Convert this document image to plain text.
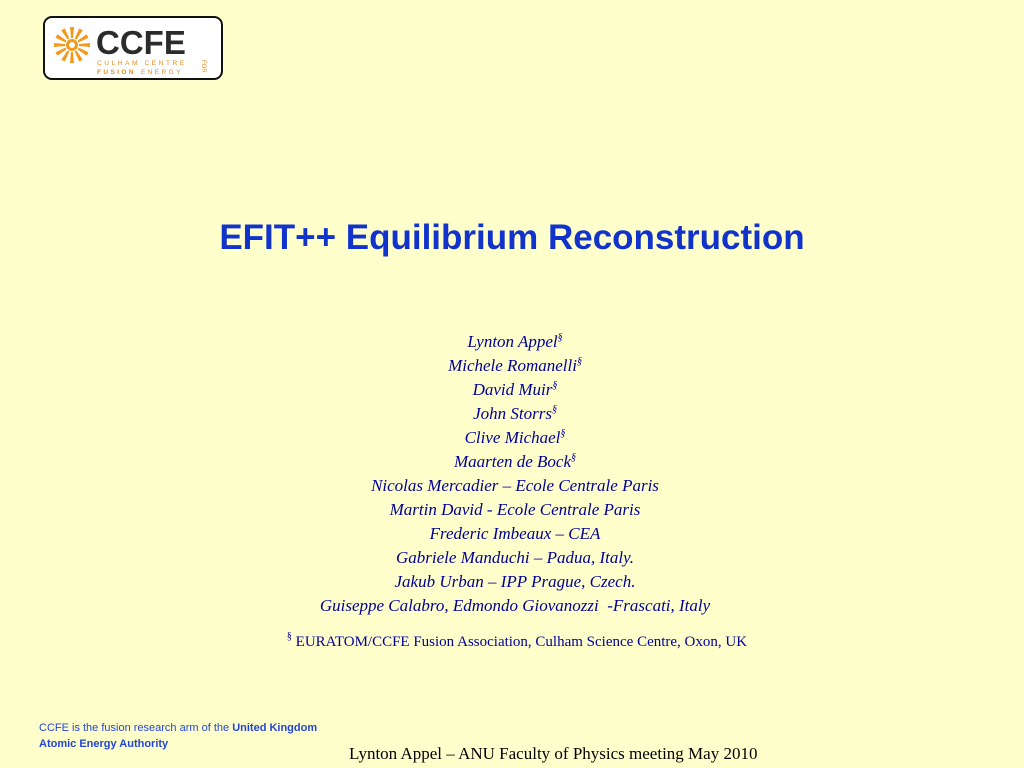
CCFE
CULHAM CENTRE
FUSION ENERGY	FOR
EFIT++ Equilibrium Reconstruction
Lynton Appel§
Michele Romanelli§
David Muir§
John Storrs§
Clive Michael§
Maarten de Bock§
Nicolas Mercadier – Ecole Centrale Paris
Martin David - Ecole Centrale Paris
Frederic Imbeaux – CEA
Gabriele Manduchi – Padua, Italy.
Jakub Urban – IPP Prague, Czech.
Guiseppe Calabro, Edmondo Giovanozzi  -Frascati, Italy
§ EURATOM/CCFE Fusion Association, Culham Science Centre, Oxon, UK
CCFE is the fusion research arm of the United Kingdom Atomic Energy Authority	Lynton Appel – ANU Faculty of Physics meeting May 2010
